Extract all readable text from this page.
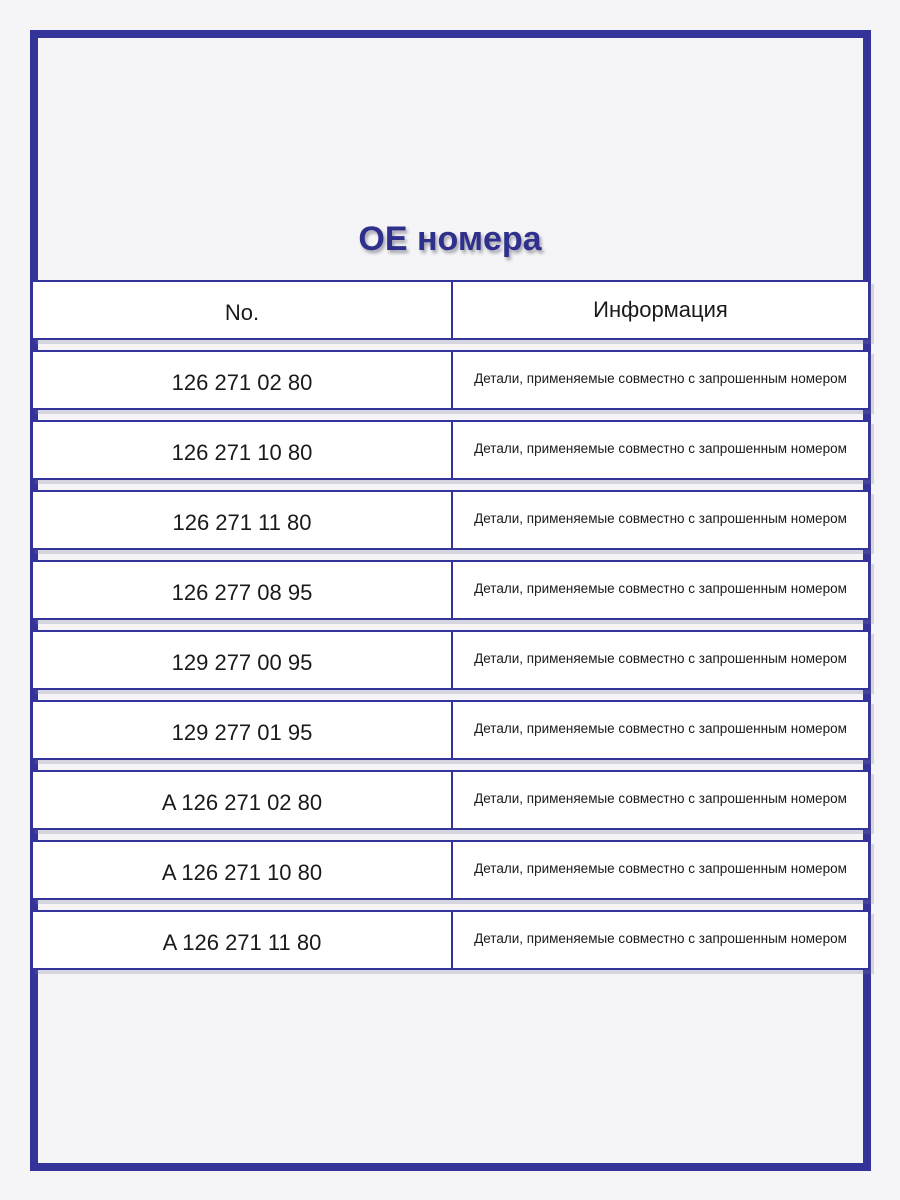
OE номера
No.	Информация
126 271 02 80	Детали, применяемые совместно с запрошенным номером
126 271 10 80	Детали, применяемые совместно с запрошенным номером
126 271 11 80	Детали, применяемые совместно с запрошенным номером
126 277 08 95	Детали, применяемые совместно с запрошенным номером
129 277 00 95	Детали, применяемые совместно с запрошенным номером
129 277 01 95	Детали, применяемые совместно с запрошенным номером
A 126 271 02 80	Детали, применяемые совместно с запрошенным номером
A 126 271 10 80	Детали, применяемые совместно с запрошенным номером
A 126 271 11 80	Детали, применяемые совместно с запрошенным номером
